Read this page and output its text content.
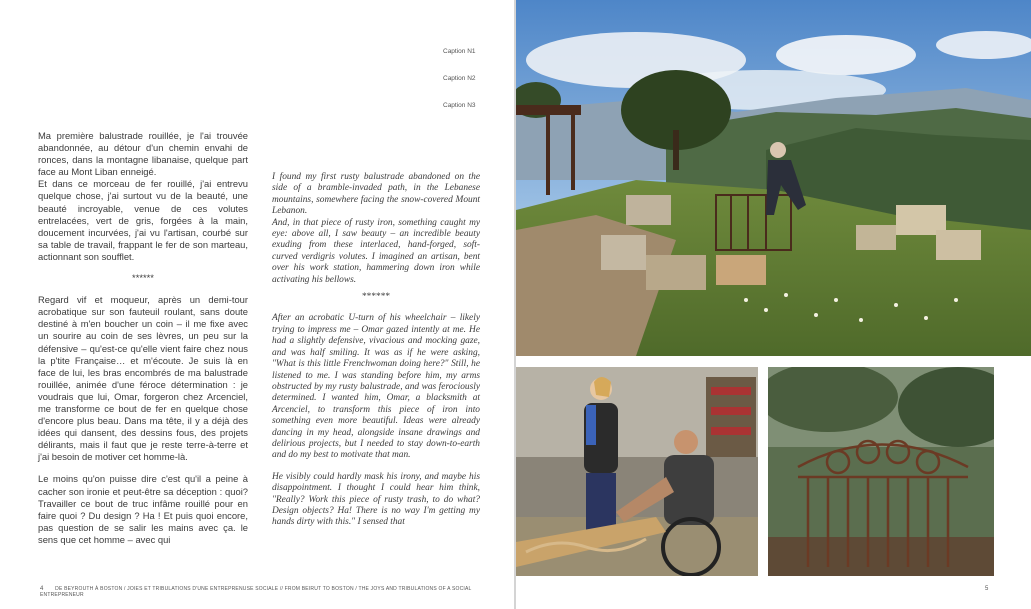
Caption N1
Caption N2
Caption N3

Ma première balustrade rouillée, je l'ai trouvée abandonnée, au détour d'un chemin envahi de ronces, dans la montagne libanaise, quelque part face au Mont Liban enneigé.

Et dans ce morceau de fer rouillé, j'ai entrevu quelque chose, j'ai surtout vu de la beauté, une beauté incroyable, venue de ces volutes entrelacées, vert de gris, forgées à la main, doucement incurvées, j'ai vu l'artisan, courbé sur sa table de travail, frappant le fer de son marteau, actionnant son soufflet.

******

Regard vif et moqueur, après un demi-tour acrobatique sur son fauteuil roulant, sans doute destiné à m'en boucher un coin – il me fixe avec un sourire au coin de ses lèvres, un peu sur la défensive – qu'est-ce qu'elle vient faire chez nous la p'tite Française… et m'écoute. Je suis là en face de lui, les bras encombrés de ma balustrade rouillée, animée d'une féroce détermination : je voudrais que lui, Omar, forgeron chez Arcenciel, me transforme ce bout de fer en quelque chose d'encore plus beau. Dans ma tête, il y a déjà des idées qui dansent, des dessins fous, des projets délirants, mais il faut que je reste terre-à-terre et j'ai besoin de motiver cet homme-là.

Le moins qu'on puisse dire c'est qu'il a peine à cacher son ironie et peut-être sa déception : quoi? Travailler ce bout de truc infâme rouillé pour en faire quoi ? Du design ? Ha ! Et puis quoi encore, pas question de se salir les mains avec ça. le sens que cet homme – avec qui

I found my first rusty balustrade abandoned on the side of a bramble-invaded path, in the Lebanese mountains, somewhere facing the snow-covered Mount Lebanon.

And, in that piece of rusty iron, something caught my eye: above all, I saw beauty – an incredible beauty exuding from these interlaced, hand-forged, soft-curved verdigris volutes. I imagined an artisan, bent over his work station, hammering down iron while activating his bellows.

******

After an acrobatic U-turn of his wheelchair – likely trying to impress me – Omar gazed intently at me. He had a slightly defensive, vivacious and mocking gaze, and was half smiling. It was as if he were asking, "What is this little Frenchwoman doing here?" Still, he listened to me. I was standing before him, my arms obstructed by my rusty balustrade, and was ferociously determined. I wanted him, Omar, a blacksmith at Arcenciel, to transform this piece of iron into something even more beautiful. Ideas were already dancing in my head, alongside insane drawings and delirious projects, but I needed to stay down-to-earth and do my best to motivate that man.

He visibly could hardly mask his irony, and maybe his disappointment. I thought I could hear him think, "Really? Work this piece of rusty trash, to do what? Design objects? Ha! There is no way I'm getting my hands dirty with this." I sensed that

4 DE BEYROUTH À BOSTON / JOIES ET TRIBULATIONS D'UNE ENTREPRENUSE SOCIALE // FROM BEIRUT TO BOSTON / THE JOYS AND TRIBULATIONS OF A SOCIAL ENTREPRENEUR
5
